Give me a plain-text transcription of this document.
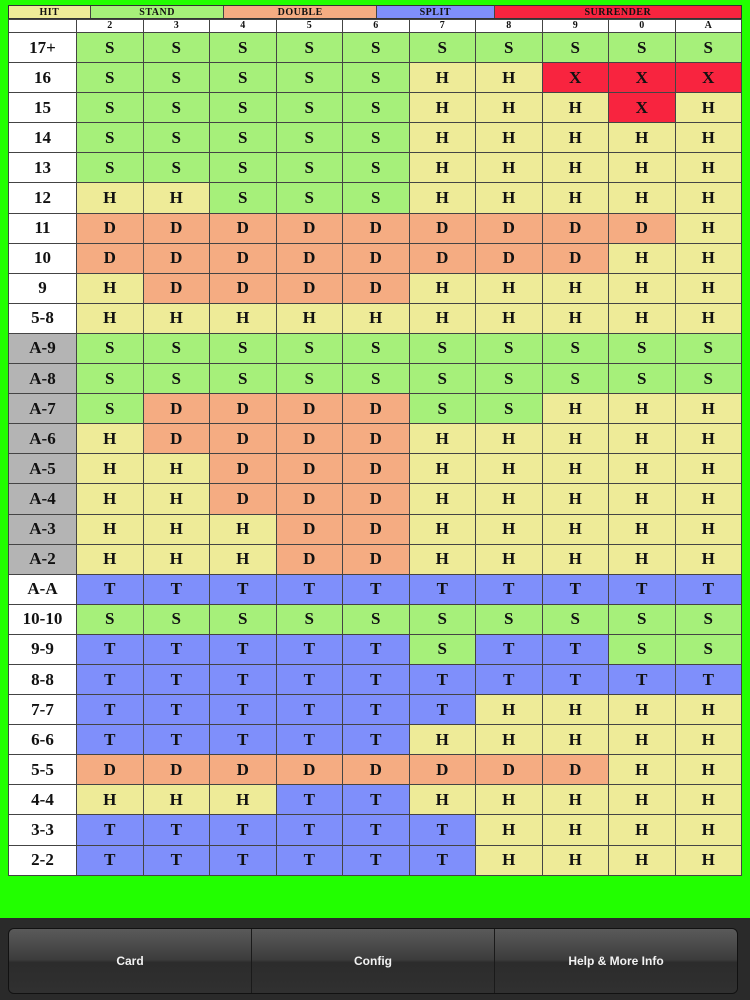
HIT	STAND	DOUBLE	SPLIT	SURRENDER
	2	3	4	5	6	7	8	9	0	A
17+	S	S	S	S	S	S	S	S	S	S
16	S	S	S	S	S	H	H	X	X	X
15	S	S	S	S	S	H	H	H	X	H
14	S	S	S	S	S	H	H	H	H	H
13	S	S	S	S	S	H	H	H	H	H
12	H	H	S	S	S	H	H	H	H	H
11	D	D	D	D	D	D	D	D	D	H
10	D	D	D	D	D	D	D	D	H	H
9	H	D	D	D	D	H	H	H	H	H
5-8	H	H	H	H	H	H	H	H	H	H
A-9	S	S	S	S	S	S	S	S	S	S
A-8	S	S	S	S	S	S	S	S	S	S
A-7	S	D	D	D	D	S	S	H	H	H
A-6	H	D	D	D	D	H	H	H	H	H
A-5	H	H	D	D	D	H	H	H	H	H
A-4	H	H	D	D	D	H	H	H	H	H
A-3	H	H	H	D	D	H	H	H	H	H
A-2	H	H	H	D	D	H	H	H	H	H
A-A	T	T	T	T	T	T	T	T	T	T
10-10	S	S	S	S	S	S	S	S	S	S
9-9	T	T	T	T	T	S	T	T	S	S
8-8	T	T	T	T	T	T	T	T	T	T
7-7	T	T	T	T	T	T	H	H	H	H
6-6	T	T	T	T	T	H	H	H	H	H
5-5	D	D	D	D	D	D	D	D	H	H
4-4	H	H	H	T	T	H	H	H	H	H
3-3	T	T	T	T	T	T	H	H	H	H
2-2	T	T	T	T	T	T	H	H	H	H
Card	Config	Help & More Info
